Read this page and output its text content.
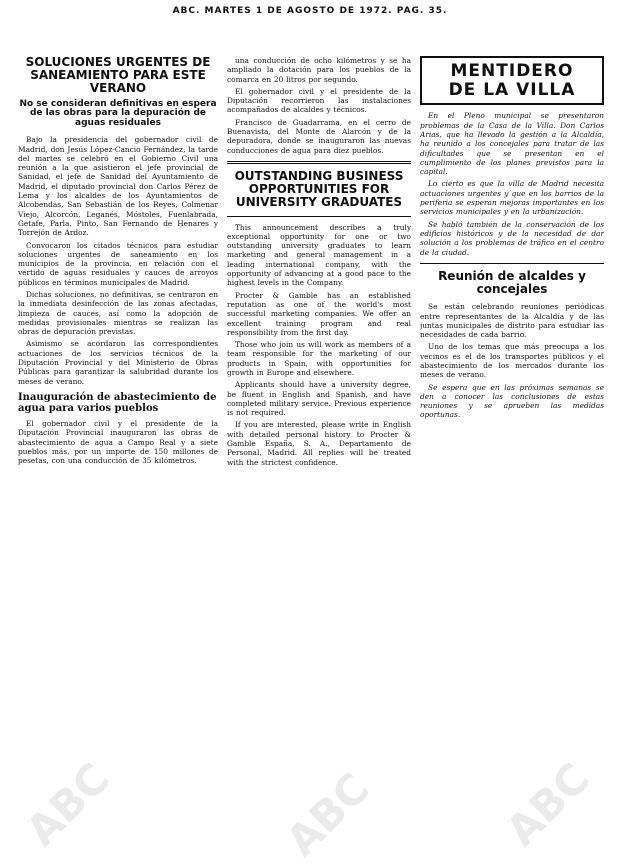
ABC. MARTES 1 DE AGOSTO DE 1972. PAG. 35.
SOLUCIONES URGENTES DE SANEAMIENTO PARA ESTE VERANO
No se consideran definitivas en espera de las obras para la depuración de aguas residuales

Bajo la presidencia del gobernador civil de Madrid, don Jesús López-Cancio Fernández, la tarde del martes se celebró en el Gobierno Civil una reunión a la que asistieron el jefe provincial de Sanidad, el jefe de Sanidad del Ayuntamiento de Madrid, el diputado provincial don Carlos Pérez de Lema y los alcaldes de los Ayuntamientos de Alcobendas, San Sebastián de los Reyes, Colmenar Viejo, Alcorcón, Leganés, Móstoles, Fuenlabrada, Getafe, Parla, Pinto, San Fernando de Henares y Torrejón de Ardoz.

Convocaron los citados técnicos para estudiar soluciones urgentes de saneamiento en los municipios de la provincia, en relación con el vertido de aguas residuales y cauces de arroyos públicos en términos municipales de Madrid.

Dichas soluciones, no definitivas, se centraron en la inmediata desinfección de las zonas afectadas, limpieza de cauces, así como la adopción de medidas provisionales mientras se realizan las obras de depuración previstas.

Asimismo se acordaron las correspondientes actuaciones de los servicios técnicos de la Diputación Provincial y del Ministerio de Obras Públicas para garantizar la salubridad durante los meses de verano.

Inauguración de abastecimiento de agua para varios pueblos

El gobernador civil y el presidente de la Diputación Provincial inauguraron las obras de abastecimiento de agua a Campo Real y a siete pueblos más, por un importe de 150 millones de pesetas, con una conducción de 35 kilómetros.

una conducción de ocho kilómetros y se ha ampliado la dotación para los pueblos de la comarca en 20 litros por segundo.

El gobernador civil y el presidente de la Diputación recorrieron las instalaciones acompañados de alcaldes y técnicos.

Francisco de Guadarrama, en el cerro de Buenavista, del Monte de Alarcón y de la depuradora, donde se inauguraron las nuevas conducciones de agua para diez pueblos.

OUTSTANDING BUSINESS OPPORTUNITIES FOR UNIVERSITY GRADUATES

This announcement describes a truly exceptional opportunity for one or two outstanding university graduates to learn marketing and general management in a leading international company, with the opportunity of advancing at a good pace to the highest levels in the Company.

Procter & Gamble has an established reputation as one of the world's most successful marketing companies. We offer an excellent training program and real responsibility from the first day.

Those who join us will work as members of a team responsible for the marketing of our products in Spain, with opportunities for growth in Europe and elsewhere.

Applicants should have a university degree, be fluent in English and Spanish, and have completed military service. Previous experience is not required.

If you are interested, please write in English with detailed personal history to Procter & Gamble España, S. A., Departamento de Personal, Madrid. All replies will be treated with the strictest confidence.

MENTIDERO
DE LA VILLA

En el Pleno municipal se presentaron problemas de la Casa de la Villa. Don Carlos Arias, que ha llevado la gestión a la Alcaldía, ha reunido a los concejales para tratar de las dificultades que se presentan en el cumplimiento de los planes previstos para la capital.

Lo cierto es que la villa de Madrid necesita actuaciones urgentes y que en los barrios de la periferia se esperan mejoras importantes en los servicios municipales y en la urbanización.

Se habló también de la conservación de los edificios históricos y de la necesidad de dar solución a los problemas de tráfico en el centro de la ciudad.

Reunión de alcaldes y concejales

Se están celebrando reuniones periódicas entre representantes de la Alcaldía y de las juntas municipales de distrito para estudiar las necesidades de cada barrio.

Uno de los temas que más preocupa a los vecinos es el de los transportes públicos y el abastecimiento de los mercados durante los meses de verano.

Se espera que en las próximas semanas se den a conocer las conclusiones de estas reuniones y se aprueben las medidas oportunas.

ABC	ABC	ABC
